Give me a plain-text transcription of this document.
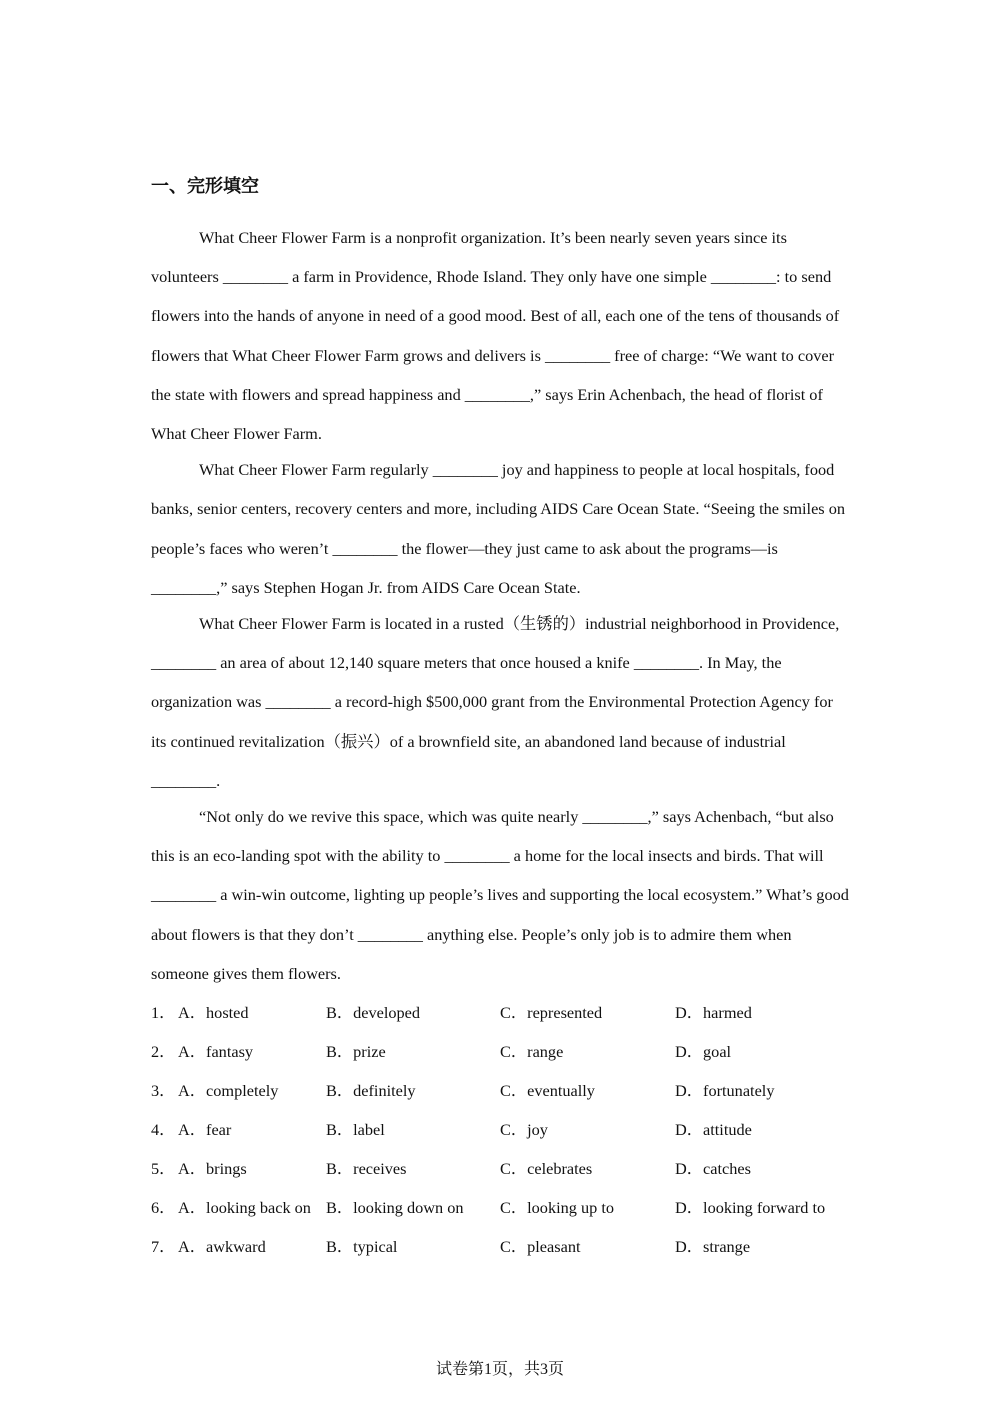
一、完形填空

What Cheer Flower Farm is a nonprofit organization. It’s been nearly seven years since its volunteers ________ a farm in Providence, Rhode Island. They only have one simple ________: to send flowers into the hands of anyone in need of a good mood. Best of all, each one of the tens of thousands of flowers that What Cheer Flower Farm grows and delivers is ________ free of charge: “We want to cover the state with flowers and spread happiness and ________,” says Erin Achenbach, the head of florist of What Cheer Flower Farm.

What Cheer Flower Farm regularly ________ joy and happiness to people at local hospitals, food banks, senior centers, recovery centers and more, including AIDS Care Ocean State. “Seeing the smiles on people’s faces who weren’t ________ the flower—they just came to ask about the programs—is ________,” says Stephen Hogan Jr. from AIDS Care Ocean State.

What Cheer Flower Farm is located in a rusted（生锈的）industrial neighborhood in Providence, ________ an area of about 12,140 square meters that once housed a knife ________. In May, the organization was ________ a record-high $500,000 grant from the Environmental Protection Agency for its continued revitalization（振兴）of a brownfield site, an abandoned land because of industrial ________.

“Not only do we revive this space, which was quite nearly ________,” says Achenbach, “but also this is an eco-landing spot with the ability to ________ a home for the local insects and birds. That will ________ a win-win outcome, lighting up people’s lives and supporting the local ecosystem.” What’s good about flowers is that they don’t ________ anything else. People’s only job is to admire them when someone gives them flowers.

1． A．hosted	B．developed	C．represented	D．harmed
2． A．fantasy	B．prize	C．range	D．goal
3． A．completely	B．definitely	C．eventually	D．fortunately
4． A．fear	B．label	C．joy	D．attitude
5． A．brings	B．receives	C．celebrates	D．catches
6． A．looking back on B．looking down on C．looking up to	D．looking forward to
7． A．awkward	B．typical	C．pleasant	D．strange
试卷第1页，共3页
